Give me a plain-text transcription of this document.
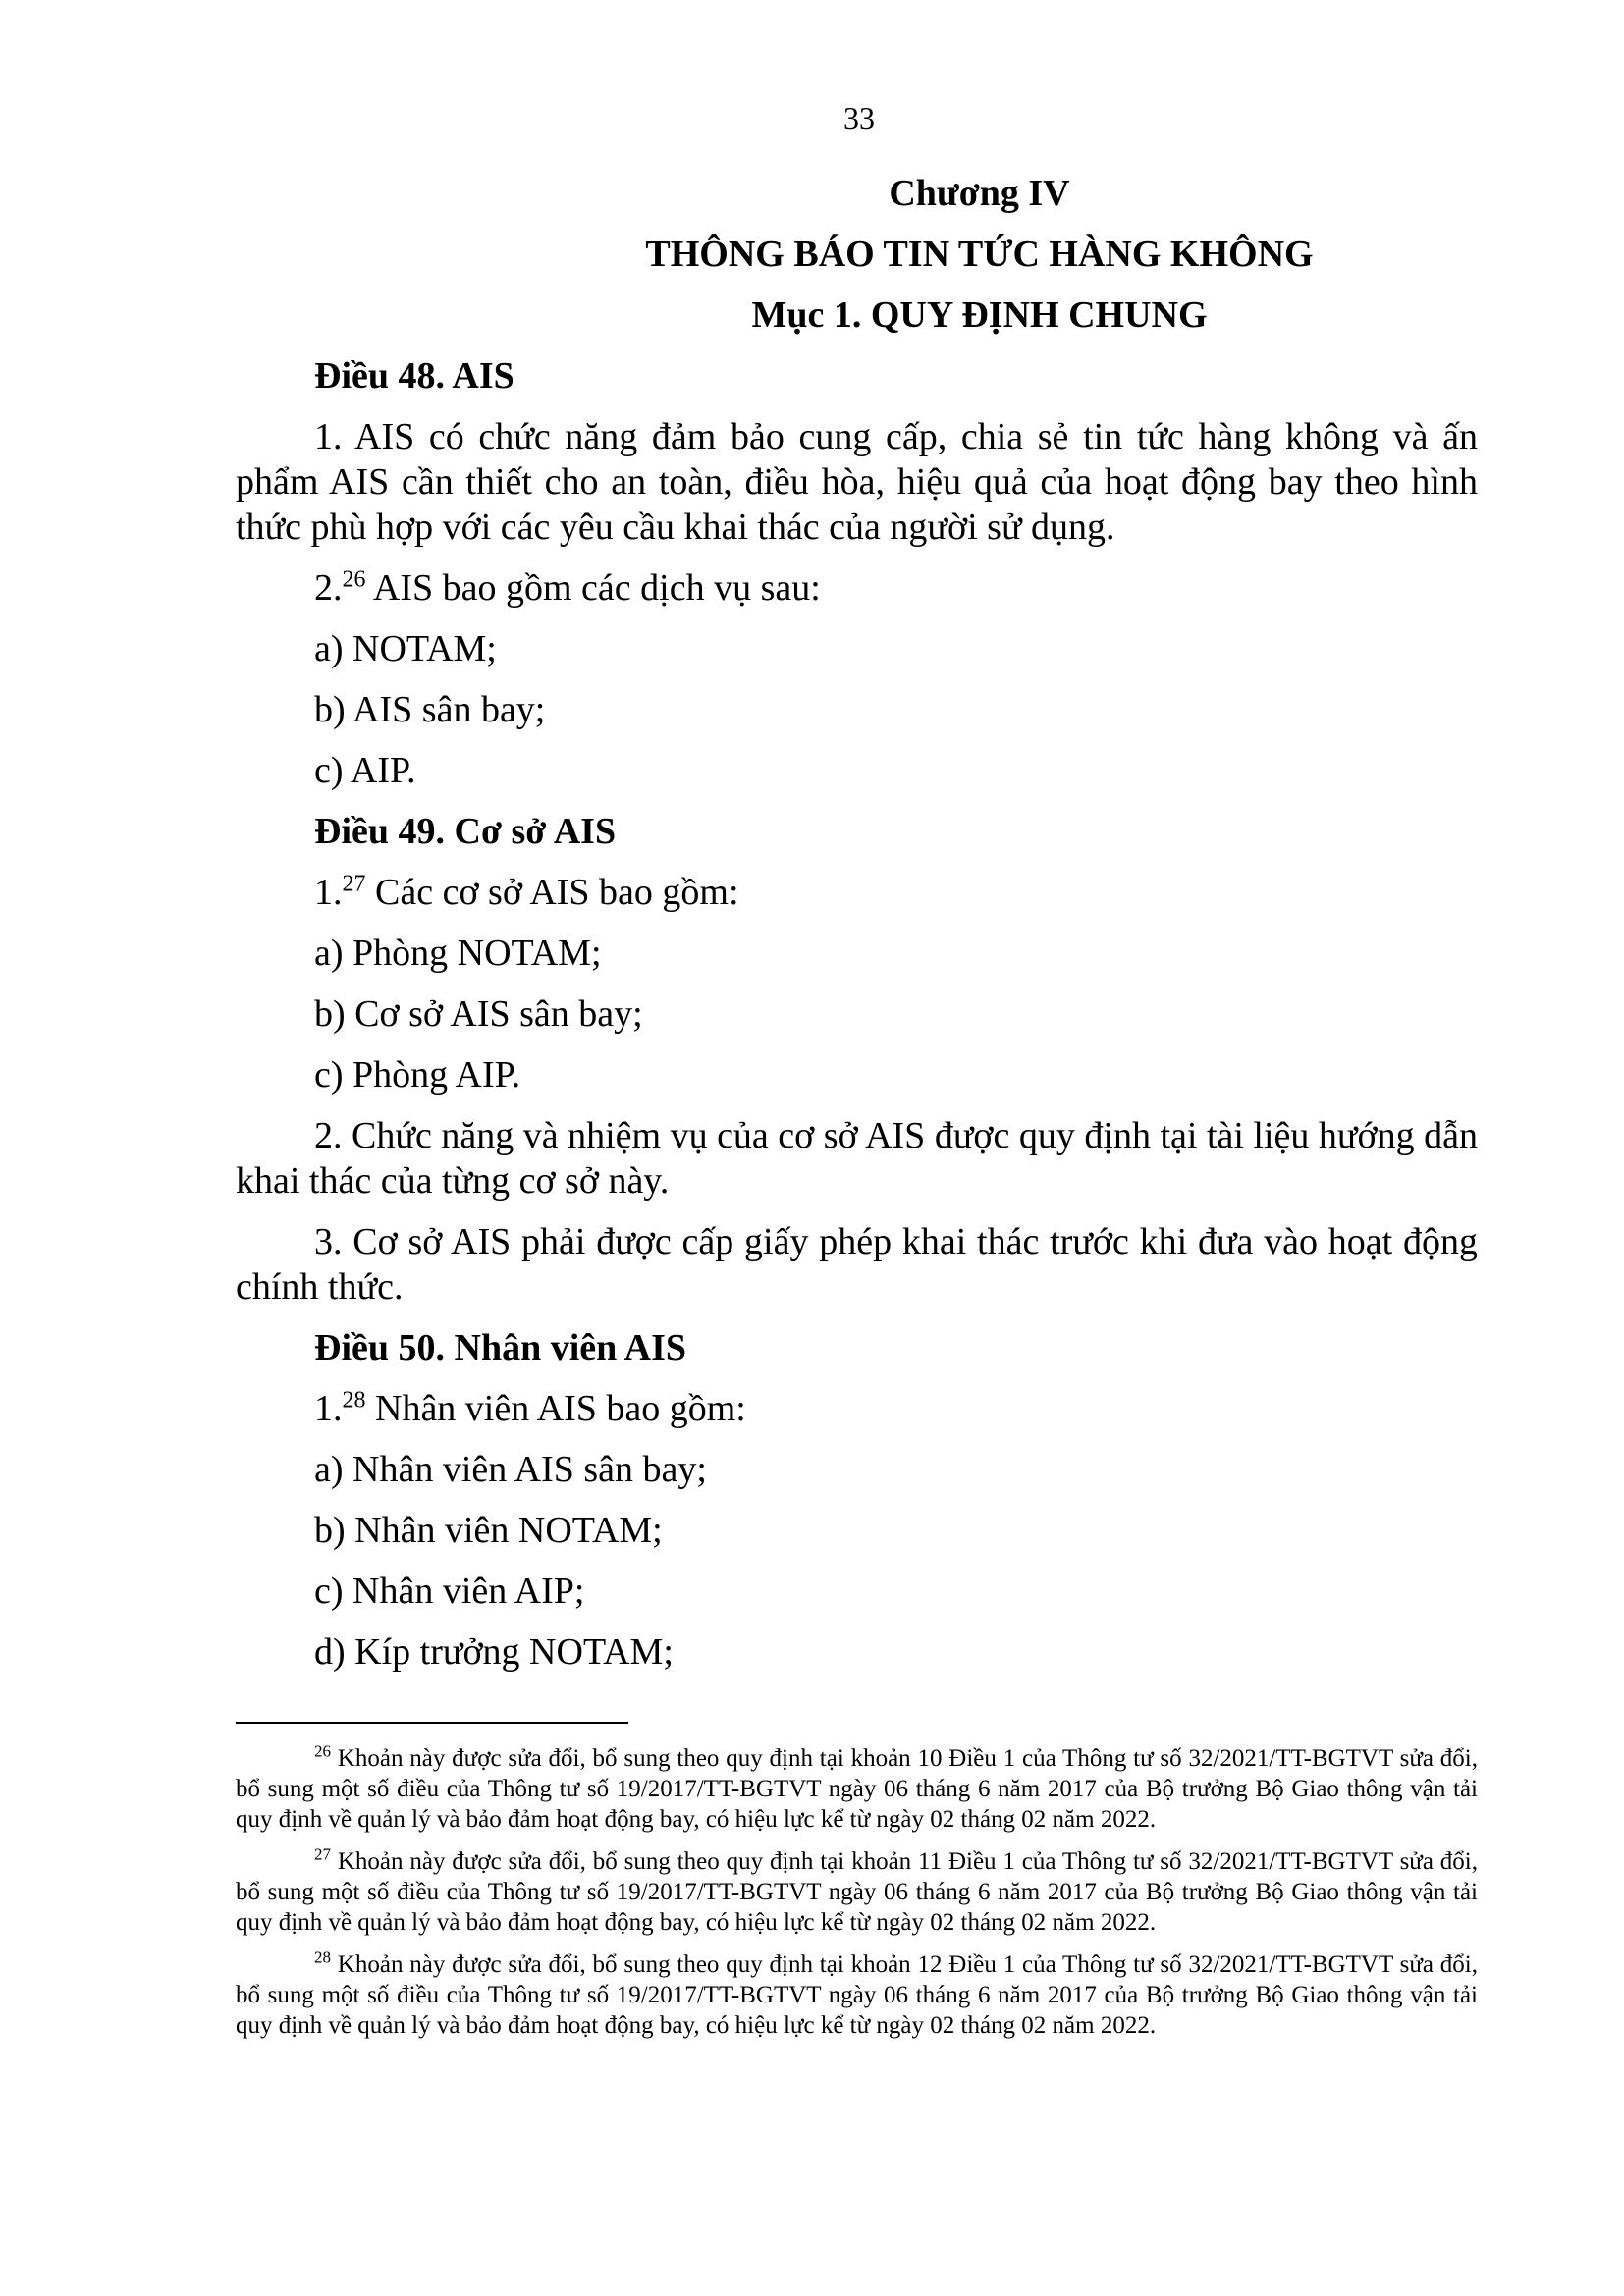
33

Chương IV

THÔNG BÁO TIN TỨC HÀNG KHÔNG

Mục 1. QUY ĐỊNH CHUNG

Điều 48. AIS

1. AIS có chức năng đảm bảo cung cấp, chia sẻ tin tức hàng không và ấn phẩm AIS cần thiết cho an toàn, điều hòa, hiệu quả của hoạt động bay theo hình thức phù hợp với các yêu cầu khai thác của người sử dụng.

2.26 AIS bao gồm các dịch vụ sau:

a) NOTAM;

b) AIS sân bay;

c) AIP.

Điều 49. Cơ sở AIS

1.27 Các cơ sở AIS bao gồm:

a) Phòng NOTAM;

b) Cơ sở AIS sân bay;

c) Phòng AIP.

2. Chức năng và nhiệm vụ của cơ sở AIS được quy định tại tài liệu hướng dẫn khai thác của từng cơ sở này.

3. Cơ sở AIS phải được cấp giấy phép khai thác trước khi đưa vào hoạt động chính thức.

Điều 50. Nhân viên AIS

1.28 Nhân viên AIS bao gồm:

a) Nhân viên AIS sân bay;

b) Nhân viên NOTAM;

c) Nhân viên AIP;

d) Kíp trưởng NOTAM;

$^{26}$ Khoản này được sửa đổi, bổ sung theo quy định tại khoản 10 Điều 1 của Thông tư số 32/2021/TT-BGTVT sửa đổi, bổ sung một số điều của Thông tư số 19/2017/TT-BGTVT ngày 06 tháng 6 năm 2017 của Bộ trưởng Bộ Giao thông vận tải quy định về quản lý và bảo đảm hoạt động bay, có hiệu lực kể từ ngày 02 tháng 02 năm 2022.

$^{27}$ Khoản này được sửa đổi, bổ sung theo quy định tại khoản 11 Điều 1 của Thông tư số 32/2021/TT-BGTVT sửa đổi, bổ sung một số điều của Thông tư số 19/2017/TT-BGTVT ngày 06 tháng 6 năm 2017 của Bộ trưởng Bộ Giao thông vận tải quy định về quản lý và bảo đảm hoạt động bay, có hiệu lực kể từ ngày 02 tháng 02 năm 2022.

$^{28}$ Khoản này được sửa đổi, bổ sung theo quy định tại khoản 12 Điều 1 của Thông tư số 32/2021/TT-BGTVT sửa đổi, bổ sung một số điều của Thông tư số 19/2017/TT-BGTVT ngày 06 tháng 6 năm 2017 của Bộ trưởng Bộ Giao thông vận tải quy định về quản lý và bảo đảm hoạt động bay, có hiệu lực kể từ ngày 02 tháng 02 năm 2022.
